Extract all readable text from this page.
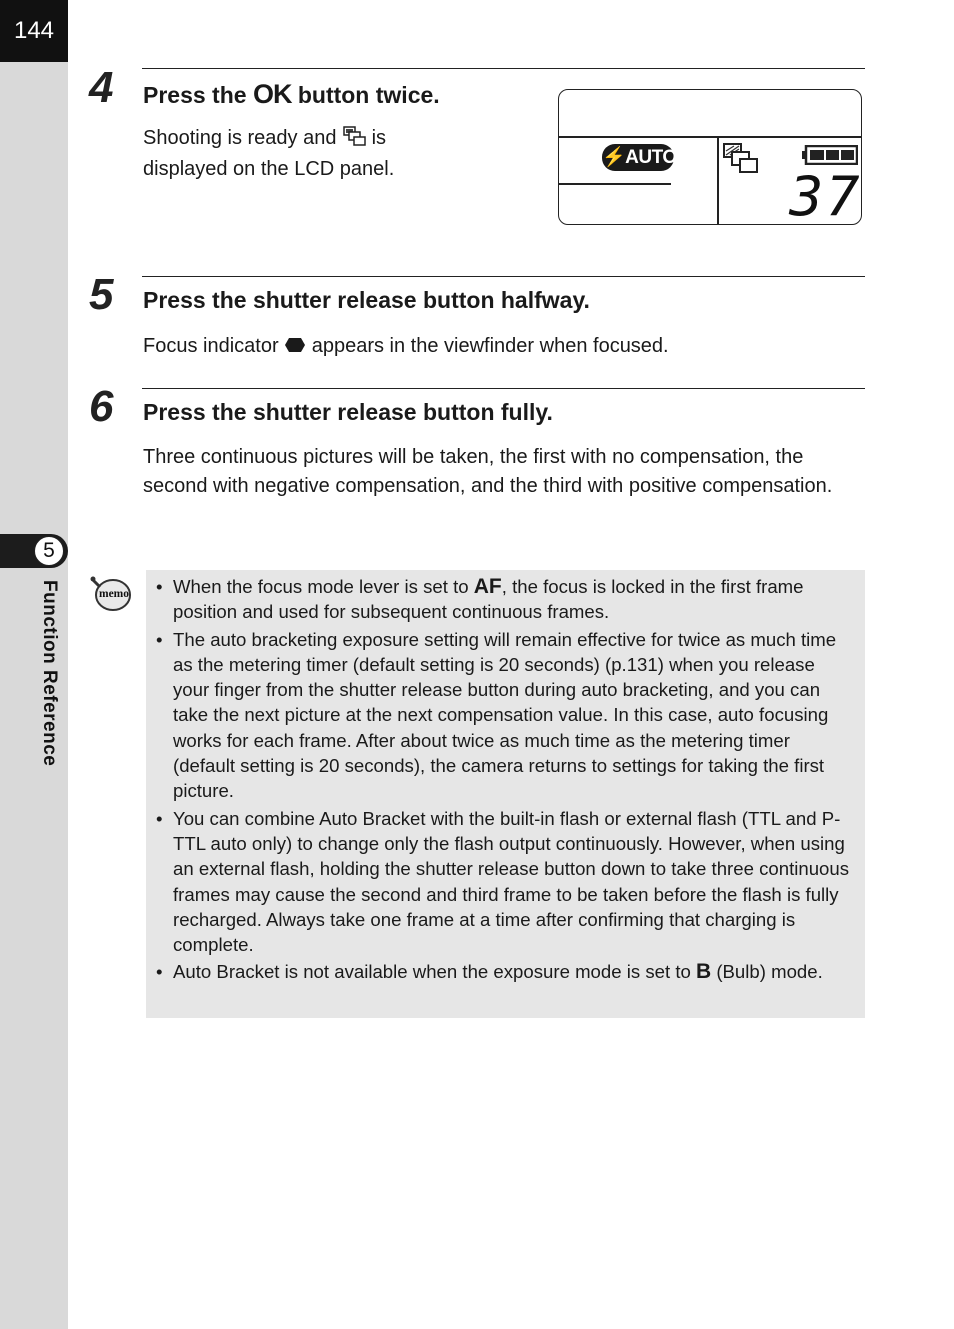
144
5
Function Reference
4 Press the OK button twice.
Shooting is ready and  is
displayed on the LCD panel.
⚡AUTO
37
5 Press the shutter release button halfway.
Focus indicator  appears in the viewfinder when focused.
6 Press the shutter release button fully.
Three continuous pictures will be taken, the first with no compensation, the second with negative compensation, and the third with positive compensation.
memo
• When the focus mode lever is set to AF, the focus is locked in the first frame position and used for subsequent continuous frames.
• The auto bracketing exposure setting will remain effective for twice as much time as the metering timer (default setting is 20 seconds) (p.131) when you release your finger from the shutter release button during auto bracketing, and you can take the next picture at the next compensation value. In this case, auto focusing works for each frame. After about twice as much time as the metering timer (default setting is 20 seconds), the camera returns to settings for taking the first picture.
• You can combine Auto Bracket with the built-in flash or external flash (TTL and P-TTL auto only) to change only the flash output continuously. However, when using an external flash, holding the shutter release button down to take three continuous frames may cause the second and third frame to be taken before the flash is fully recharged. Always take one frame at a time after confirming that charging is complete.
• Auto Bracket is not available when the exposure mode is set to B (Bulb) mode.
